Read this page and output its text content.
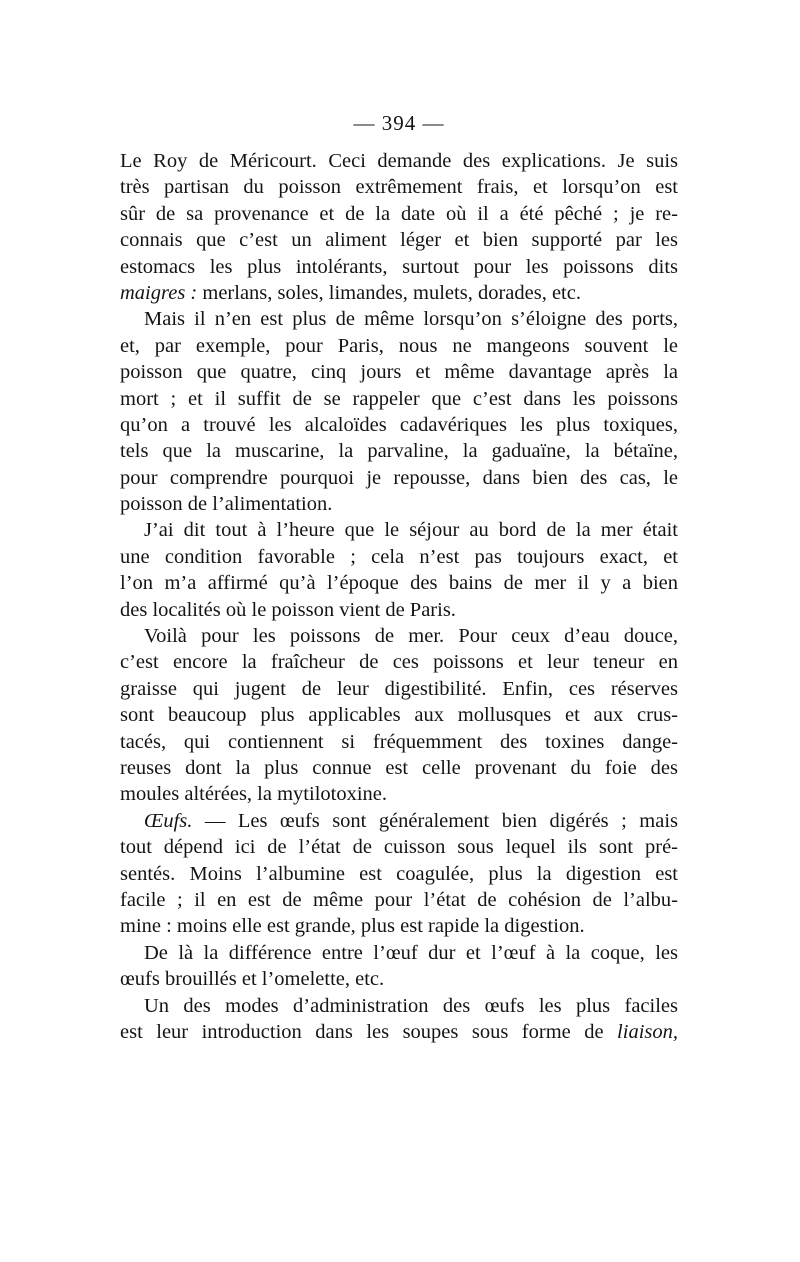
— 394 —
Le Roy de Méricourt. Ceci demande des explications. Je suis
très partisan du poisson extrêmement frais, et lorsqu’on est
sûr de sa provenance et de la date où il a été pêché ; je re-
connais que c’est un aliment léger et bien supporté par les
estomacs les plus intolérants, surtout pour les poissons dits
maigres : merlans, soles, limandes, mulets, dorades, etc.
Mais il n’en est plus de même lorsqu’on s’éloigne des ports,
et, par exemple, pour Paris, nous ne mangeons souvent le
poisson que quatre, cinq jours et même davantage après la
mort ; et il suffit de se rappeler que c’est dans les poissons
qu’on a trouvé les alcaloïdes cadavériques les plus toxiques,
tels que la muscarine, la parvaline, la gaduaïne, la bétaïne,
pour comprendre pourquoi je repousse, dans bien des cas, le
poisson de l’alimentation.
J’ai dit tout à l’heure que le séjour au bord de la mer était
une condition favorable ; cela n’est pas toujours exact, et
l’on m’a affirmé qu’à l’époque des bains de mer il y a bien
des localités où le poisson vient de Paris.
Voilà pour les poissons de mer. Pour ceux d’eau douce,
c’est encore la fraîcheur de ces poissons et leur teneur en
graisse qui jugent de leur digestibilité. Enfin, ces réserves
sont beaucoup plus applicables aux mollusques et aux crus-
tacés, qui contiennent si fréquemment des toxines dange-
reuses dont la plus connue est celle provenant du foie des
moules altérées, la mytilotoxine.
Œufs. — Les œufs sont généralement bien digérés ; mais
tout dépend ici de l’état de cuisson sous lequel ils sont pré-
sentés. Moins l’albumine est coagulée, plus la digestion est
facile ; il en est de même pour l’état de cohésion de l’albu-
mine : moins elle est grande, plus est rapide la digestion.
De là la différence entre l’œuf dur et l’œuf à la coque, les
œufs brouillés et l’omelette, etc.
Un des modes d’administration des œufs les plus faciles
est leur introduction dans les soupes sous forme de liaison,
